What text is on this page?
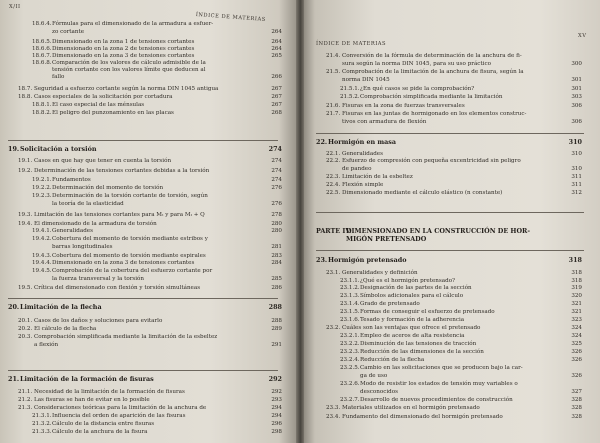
X/II
ÍNDICE DE MATERIAS
18.6.4.Fórmulas para el dimensionado de la armadura a esfuer-
zo cortante	264
18.6.5.Dimensionado en la zona 1 de tensiones cortantes	264
18.6.6.Dimensionado en la zona 2 de tensiones cortantes	264
18.6.7.Dimensionado en la zona 3 de tensiones cortantes	265
18.6.8.Comparación de los valores de cálculo admisible de la
tensión cortante con los valores límite que deducen al
fallo	266
18.7. Seguridad a esfuerzo cortante según la norma DIN 1045 antigua	267
18.8. Casos especiales de la solicitación por cortadura	267
18.8.1.El caso especial de las ménsulas	267
18.8.2.El peligro del punzonamiento en las placas	268
19.Solicitación a torsión	274
19.1. Casos en que hay que tener en cuenta la torsión	274
19.2. Determinación de las tensiones cortantes debidas a la torsión	274
19.2.1.Fundamentos	274
19.2.2.Determinación del momento de torsión	276
19.2.3.Determinación de la torsión cortante de torsión, según
la teoría de la elasticidad	276
19.3. Limitación de las tensiones cortantes para Mₜ y para Mₜ + Q	278
19.4. El dimensionado de la armadura de torsión	280
19.4.1.Generalidades	280
19.4.2.Cobertura del momento de torsión mediante estribos y
barras longitudinales	281
19.4.3.Cobertura del momento de torsión mediante espirales	283
19.4.4.Dimensionado en la zona 3 de tensiones cortantes	284
19.4.5.Comprobación de la cobertura del esfuerzo cortante por
la fuerza transversal y la torsión	285
19.5. Crítica del dimensionado con flexión y torsión simultáneas	286
20.Limitación de la flecha	288
20.1. Casos de los daños y soluciones para evitarlo	288
20.2. El cálculo de la flecha	289
20.3. Comprobación simplificada mediante la limitación de la esbeltez
a flexión	291
21.Limitación de la formación de fisuras	292
21.1. Necesidad de la limitación de la formación de fisuras	292
21.2. Las fisuras se han de evitar en lo posible	293
21.3. Consideraciones teóricas para la limitación de la anchura de	294
21.3.1.Influencia del orden de aparición de las fisuras	294
21.3.2.Cálculo de la distancia entre fisuras	296
21.3.3.Cálculo de la anchura de la fisura	298
ÍNDICE DE MATERIAS
XV
21.4. Conversión de la fórmula de determinación de la anchura de fi-
sura según la norma DIN 1045, para su uso práctico	300
21.5. Comprobación de la limitación de la anchura de fisura, según la
norma DIN 1045	301
21.5.1.¿En qué casos se pide la comprobación?	301
21.5.2.Comprobación simplificada mediante la limitación	303
21.6. Fisuras en la zona de fuerzas transversales	306
21.7. Fisuras en las juntas de hormigonado en los elementos construc-
tivos con armadura de flexión	306
22.Hormigón en masa	310
22.1. Generalidades	310
22.2. Esfuerzo de compresión con pequeña excentricidad sin peligro
de pandeo	310
22.3. Limitación de la esbeltez	311
22.4. Flexión simple	311
22.5. Dimensionado mediante el cálculo elástico (n constante)	312
PARTE IV.DIMENSIONADO EN LA CONSTRUCCIÓN DE HOR-
MIGÓN PRETENSADO
23.Hormigón pretensado	318
23.1. Generalidades y definición	318
23.1.1.¿Qué es el hormigón pretensado?	318
23.1.2.Designación de las partes de la sección	319
23.1.3.Símbolos adicionales para el cálculo	320
23.1.4.Grado de pretensado	321
23.1.5.Formas de conseguir el esfuerzo de pretensado	321
23.1.6.Tesado y formación de la adherencia	323
23.2. Cuáles son las ventajas que ofrece el pretensado	324
23.2.1.Empleo de aceros de alta resistencia	324
23.2.2.Disminución de las tensiones de tracción	325
23.2.3.Reducción de las dimensiones de la sección	326
23.2.4.Reducción de la flecha	326
23.2.5.Cambio en las solicitaciones que se producen bajo la car-
ga de uso	326
23.2.6.Modo de resistir los estados de tensión muy variables o
desconocidos	327
23.2.7.Desarrollo de nuevos procedimientos de construcción	328
23.3. Materiales utilizados en el hormigón pretensado	328
23.4. Fundamento del dimensionado del hormigón pretensado	328
